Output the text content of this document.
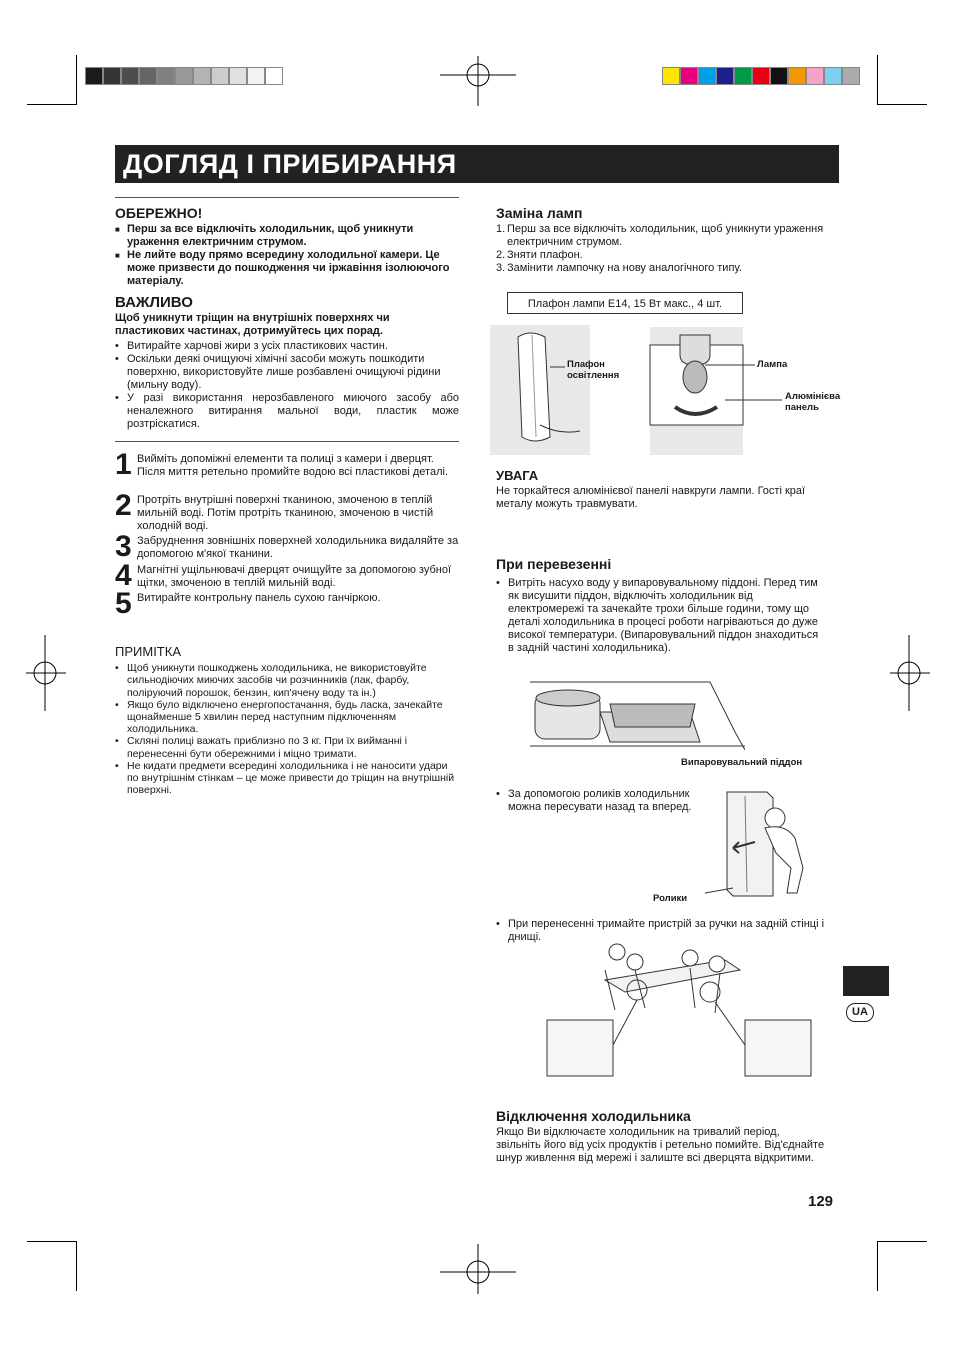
ДОГЛЯД І ПРИБИРАННЯ
ОБЕРЕЖНО!
■ Перш за все відключіть холодильник, щоб уникнути ураження електричним струмом.
■ Не лийте воду прямо всередину холодильної камери. Це може призвести до пошкодження чи іржавіння ізолюючого матеріалу.
ВАЖЛИВО
Щоб уникнути тріщин на внутрішніх поверхнях чи пластикових частинах, дотримуйтесь цих порад.
• Витирайте харчові жири з усіх пластикових частин.
• Оскільки деякі очищуючі хімічні засоби можуть пошкодити поверхню, використовуйте лише розбавлені очищуючі рідини (мильну воду).
• У разі використання нерозбавленого миючого засобу або неналежного витирання мальної води, пластик може розтріскатися.
1 Вийміть допоміжні елементи та полиці з камери і дверцят. Після миття ретельно промийте водою всі пластикові деталі.
2 Протріть внутрішні поверхні тканиною, змоченою в теплій мильній воді. Потім протріть тканиною, змоченою в чистій холодній воді.
3 Забруднення зовнішніх поверхней холодильника видаляйте за допомогою м'якої тканини.
4 Магнітні ущільнювачі дверцят очищуйте за допомогою зубної щітки, змоченою в теплій мильній воді.
5 Витирайте контрольну панель сухою ганчіркою.
ПРИМІТКА
• Щоб уникнути пошкоджень холодильника, не використовуйте сильнодіючих миючих засобів чи розчинників (лак, фарбу, полірyючий порошок, бензин, кип'ячену воду та ін.)
• Якщо було відключено енергопостачання, будь ласка, зачекайте щонайменше 5 хвилин перед наступним підключенням холодильника.
• Скляні полиці важать приблизно по 3 кг. При їх вийманні і перенесенні бути обережними і міцно тримати.
• Не кидати предмети всередині холодильника і не наносити удари по внутрішнім стінкам – це може привести до тріщин на внутрішній поверхні.
Заміна ламп
1. Перш за все відключіть холодильник, щоб уникнути ураження електричним струмом.
2. Зняти плафон.
3. Замінити лампочку на нову аналогічного типу.
Плафон лампи E14, 15 Вт макс., 4 шт.
Плафон освітлення
Лампа
Алюмінієва панель
УВАГА
Не торкайтеся алюмінієвої панелі навкруги лампи. Гості краї металу можуть травмувати.
При перевезенні
• Витріть насухо воду у випаровувальному піддоні. Перед тим як висушити піддон, відключіть холодильник від електромережі та зачекайте трохи більше години, тому що деталі холодильника в процесі роботи нагріваються до дуже високої температури. (Випаровувальний піддон знаходиться в задній частині холодильника).
Випаровувальний піддон
• За допомогою роликів холодильник можна пересувати назад та вперед.
Ролики
• При перенесенні тримайте пристрій за ручки на задній стінці і днищі.
Відключення холодильника
Якщо Ви відключаєте холодильник на тривалий період, звільніть його від усіх продуктів і ретельно помийте. Від'єднайте шнур живлення від мережі і залиште всі дверцята відкритими.
UA
129
